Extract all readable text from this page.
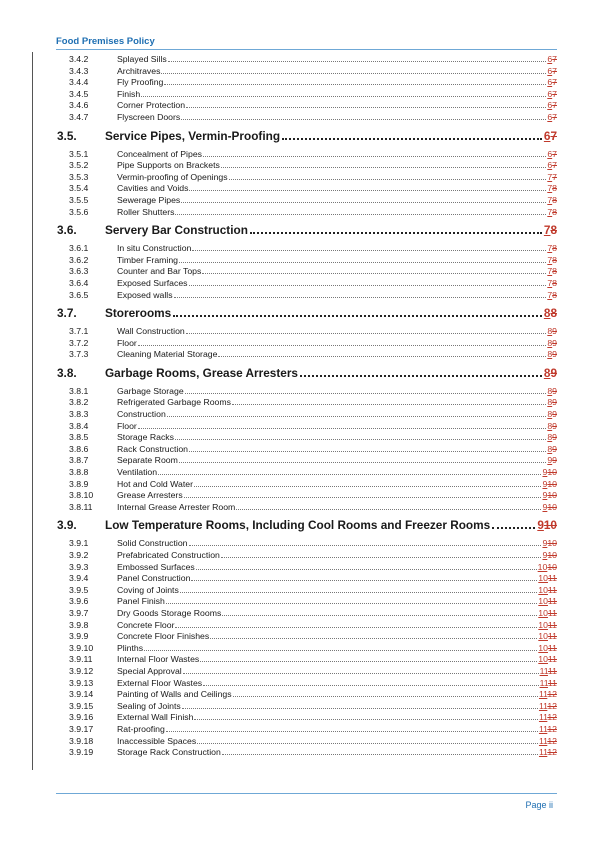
Food Premises Policy
3.4.2	Splayed Sills	67
3.4.3	Architraves	67
3.4.4	Fly Proofing	67
3.4.5	Finish	67
3.4.6	Corner Protection	67
3.4.7	Flyscreen Doors	67
3.5.	Service Pipes, Vermin-Proofing	67
3.5.1	Concealment of Pipes	67
3.5.2	Pipe Supports on Brackets	67
3.5.3	Vermin-proofing of Openings	77
3.5.4	Cavities and Voids	78
3.5.5	Sewerage Pipes	78
3.5.6	Roller Shutters	78
3.6.	Servery Bar Construction	78
3.6.1	In situ Construction	78
3.6.2	Timber Framing	78
3.6.3	Counter and Bar Tops	78
3.6.4	Exposed Surfaces	78
3.6.5	Exposed walls	78
3.7.	Storerooms	88
3.7.1	Wall Construction	89
3.7.2	Floor	89
3.7.3	Cleaning Material Storage	89
3.8.	Garbage Rooms, Grease Arresters	89
3.8.1	Garbage Storage	89
3.8.2	Refrigerated Garbage Rooms	89
3.8.3	Construction	89
3.8.4	Floor	89
3.8.5	Storage Racks	89
3.8.6	Rack Construction	89
3.8.7	Separate Room	99
3.8.8	Ventilation	910
3.8.9	Hot and Cold Water	910
3.8.10	Grease Arresters	910
3.8.11	Internal Grease Arrester Room	910
3.9.	Low Temperature Rooms, Including Cool Rooms and Freezer Rooms	910
3.9.1	Solid Construction	910
3.9.2	Prefabricated Construction	910
3.9.3	Embossed Surfaces	1010
3.9.4	Panel Construction	1011
3.9.5	Coving of Joints	1011
3.9.6	Panel Finish	1011
3.9.7	Dry Goods Storage Rooms	1011
3.9.8	Concrete Floor	1011
3.9.9	Concrete Floor Finishes	1011
3.9.10	Plinths	1011
3.9.11	Internal Floor Wastes	1011
3.9.12	Special Approval	1111
3.9.13	External Floor Wastes	1111
3.9.14	Painting of Walls and Ceilings	1112
3.9.15	Sealing of Joints	1112
3.9.16	External Wall Finish	1112
3.9.17	Rat-proofing	1112
3.9.18	Inaccessible Spaces	1112
3.9.19	Storage Rack Construction	1112
Page ii
